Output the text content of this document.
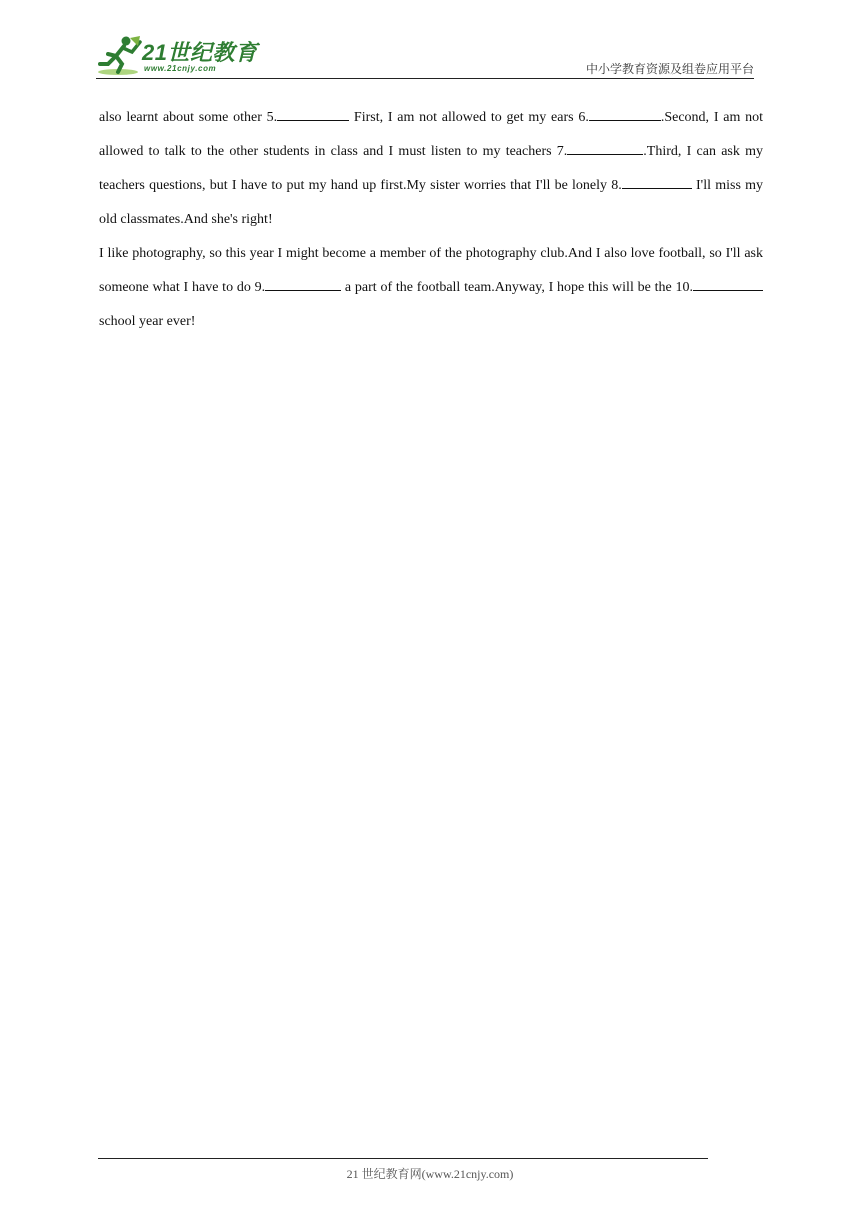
21世纪教育
www.21cnjy.com	中小学教育资源及组卷应用平台

also learnt about some other 5.	First, I am not allowed to get my ears 6.	.Second, I am not allowed to talk to the other students in class and I must listen to my teachers 7.	.Third, I can ask my teachers questions, but I have to put my hand up first.My sister worries that I'll be lonely 8.	I'll miss my old classmates.And she's right!

I like photography, so this year I might become a member of the photography club.And I also love football, so I'll ask someone what I have to do 9.	a part of the football team.Anyway, I hope this will be the 10. school year ever!

21 世纪教育网(www.21cnjy.com)
